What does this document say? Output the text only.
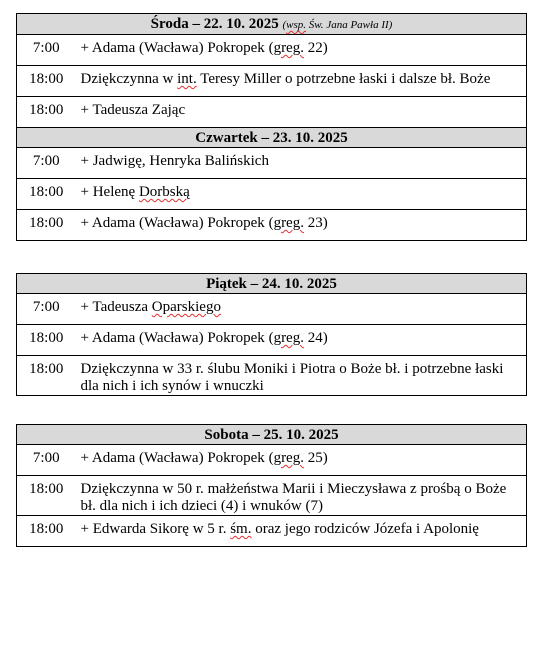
Środa – 22. 10. 2025 (wsp. Św. Jana Pawła II)	
7:00	+ Adama (Wacława) Pokropek (greg. 22)
18:00	Dziękczynna w int. Teresy Miller o potrzebne łaski i dalsze bł. Boże
18:00	+ Tadeusza Zając
Czwartek – 23. 10. 2025	
7:00	+ Jadwigę, Henryka Balińskich
18:00	+ Helenę Dorbską
18:00	+ Adama (Wacława) Pokropek (greg. 23)
Piątek – 24. 10. 2025	
7:00	+ Tadeusza Oparskiego
18:00	+ Adama (Wacława) Pokropek (greg. 24)
18:00	Dziękczynna w 33 r. ślubu Moniki i Piotra o Boże bł. i potrzebne łaski dla nich i ich synów i wnuczki
Sobota – 25. 10. 2025	
7:00	+ Adama (Wacława) Pokropek (greg. 25)
18:00	Dziękczynna w 50 r. małżeństwa Marii i Mieczysława z prośbą o Boże bł. dla nich i ich dzieci (4) i wnuków (7)
18:00	+ Edwarda Sikorę w 5 r. śm. oraz jego rodziców Józefa i Apolonię
